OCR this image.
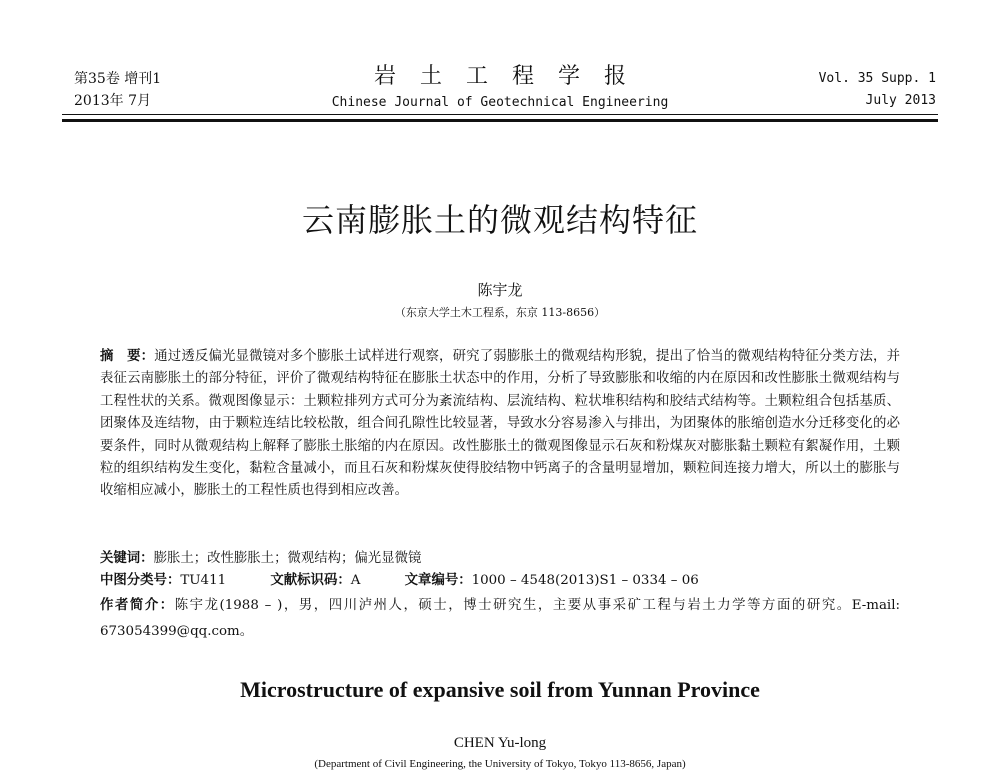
第35卷 增刊1
2013年 7月
岩土工程学报
Chinese Journal of Geotechnical Engineering
Vol. 35 Supp. 1
July 2013
云南膨胀土的微观结构特征
陈宇龙
（东京大学土木工程系，东京 113-8656）
摘　要：通过透反偏光显微镜对多个膨胀土试样进行观察，研究了弱膨胀土的微观结构形貌，提出了恰当的微观结构特征分类方法，并表征云南膨胀土的部分特征，评价了微观结构特征在膨胀土状态中的作用，分析了导致膨胀和收缩的内在原因和改性膨胀土微观结构与工程性状的关系。微观图像显示：土颗粒排列方式可分为紊流结构、层流结构、粒状堆积结构和胶结式结构等。土颗粒组合包括基质、团聚体及连结物，由于颗粒连结比较松散，组合间孔隙性比较显著，导致水分容易渗入与排出，为团聚体的胀缩创造水分迁移变化的必要条件，同时从微观结构上解释了膨胀土胀缩的内在原因。改性膨胀土的微观图像显示石灰和粉煤灰对膨胀黏土颗粒有絮凝作用，土颗粒的组织结构发生变化，黏粒含量减小，而且石灰和粉煤灰使得胶结物中钙离子的含量明显增加，颗粒间连接力增大，所以土的膨胀与收缩相应减小，膨胀土的工程性质也得到相应改善。
关键词：膨胀土；改性膨胀土；微观结构；偏光显微镜
中图分类号：TU411	文献标识码：A	文章编号：1000 – 4548(2013)S1 – 0334 – 06
作者简介：陈宇龙(1988 – )，男，四川泸州人，硕士，博士研究生，主要从事采矿工程与岩土力学等方面的研究。E-mail: 673054399@qq.com。
Microstructure of expansive soil from Yunnan Province
CHEN Yu-long
(Department of Civil Engineering, the University of Tokyo, Tokyo 113-8656, Japan)
